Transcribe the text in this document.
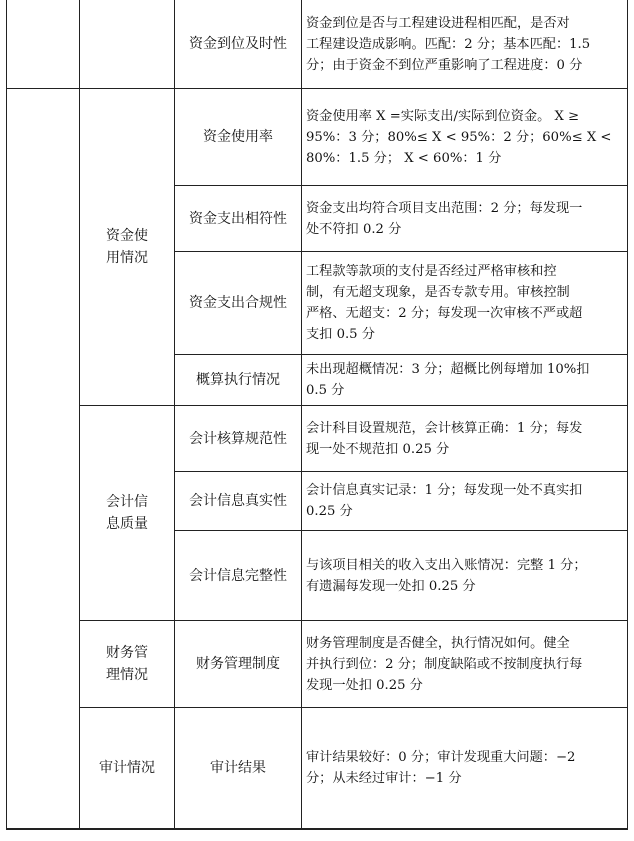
资金使
用情况
会计信
息质量
财务管
理情况
审计情况
资金到位及时性
资金使用率
资金支出相符性
资金支出合规性
概算执行情况
会计核算规范性
会计信息真实性
会计信息完整性
财务管理制度
审计结果
资金到位是否与工程建设进程相匹配，是否对
工程建设造成影响。匹配：2 分；基本匹配：1.5
分；由于资金不到位严重影响了工程进度：0 分
资金使用率 X =实际支出/实际到位资金。 X ≥
95%：3 分；80%≤ X < 95%：2 分；60%≤ X <
80%：1.5 分； X < 60%：1 分
资金支出均符合项目支出范围：2 分；每发现一
处不符扣 0.2 分
工程款等款项的支付是否经过严格审核和控
制，有无超支现象，是否专款专用。审核控制
严格、无超支：2 分；每发现一次审核不严或超
支扣 0.5 分
未出现超概情况：3 分；超概比例每增加 10%扣
0.5 分
会计科目设置规范，会计核算正确：1 分；每发
现一处不规范扣 0.25 分
会计信息真实记录：1 分；每发现一处不真实扣
0.25 分
与该项目相关的收入支出入账情况：完整 1 分；
有遗漏每发现一处扣 0.25 分
财务管理制度是否健全，执行情况如何。健全
并执行到位：2 分；制度缺陷或不按制度执行每
发现一处扣 0.25 分
审计结果较好：0 分；审计发现重大问题：−2
分；从未经过审计：−1 分
